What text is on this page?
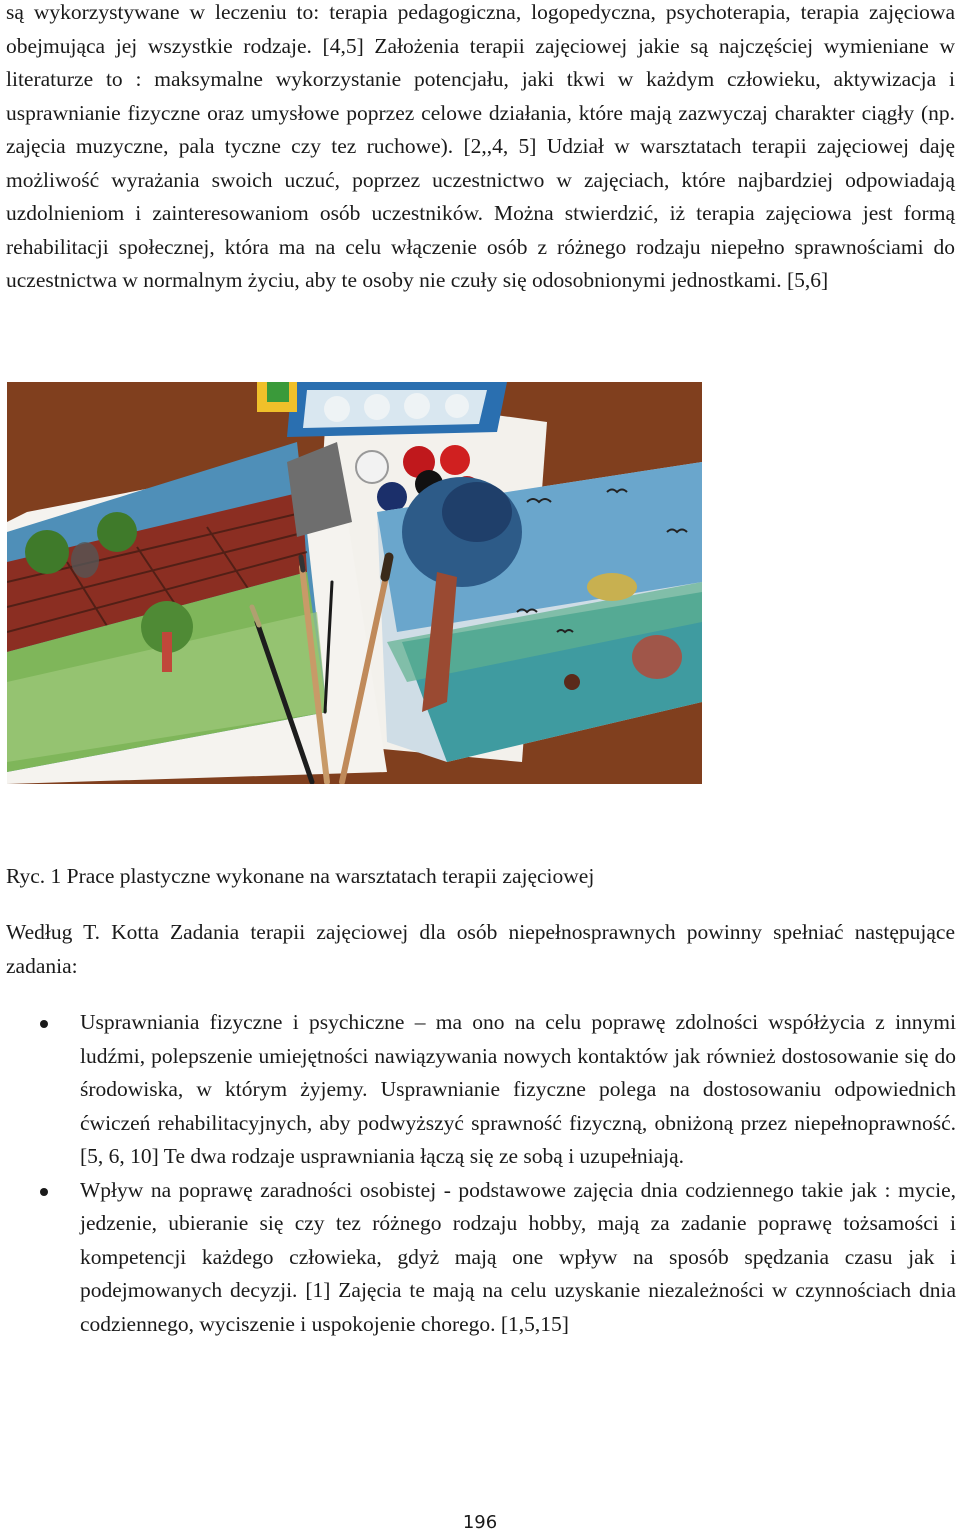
są wykorzystywane w leczeniu to: terapia pedagogiczna, logopedyczna, psychoterapia, terapia zajęciowa obejmująca jej wszystkie rodzaje. [4,5] Założenia terapii zajęciowej jakie są najczęściej wymieniane w literaturze to : maksymalne wykorzystanie potencjału, jaki tkwi w każdym człowieku, aktywizacja i usprawnianie fizyczne oraz umysłowe poprzez celowe działania, które mają zazwyczaj charakter ciągły (np. zajęcia muzyczne, pala tyczne czy tez ruchowe). [2,,4, 5] Udział w warsztatach terapii zajęciowej daję możliwość wyrażania swoich uczuć, poprzez uczestnictwo w zajęciach, które najbardziej odpowiadają uzdolnieniom i zainteresowaniom osób uczestników. Można stwierdzić, iż terapia zajęciowa jest formą rehabilitacji społecznej, która ma na celu włączenie osób z różnego rodzaju niepełno sprawnościami do uczestnictwa w normalnym życiu, aby te osoby nie czuły się odosobnionymi jednostkami. [5,6]

Ryc. 1 Prace plastyczne wykonane na warsztatach terapii zajęciowej

Według T. Kotta Zadania terapii zajęciowej dla osób niepełnosprawnych powinny spełniać następujące zadania:

Usprawniania fizyczne i psychiczne – ma ono na celu poprawę zdolności współżycia z innymi ludźmi, polepszenie umiejętności nawiązywania nowych kontaktów jak również dostosowanie się do środowiska, w którym żyjemy. Usprawnianie fizyczne polega na dostosowaniu odpowiednich ćwiczeń rehabilitacyjnych, aby podwyższyć sprawność fizyczną, obniżoną przez niepełnoprawność. [5, 6, 10] Te dwa rodzaje usprawniania łączą się ze sobą i uzupełniają.
Wpływ na poprawę zaradności osobistej - podstawowe zajęcia dnia codziennego takie jak : mycie, jedzenie, ubieranie się czy tez różnego rodzaju hobby, mają za zadanie poprawę tożsamości i kompetencji każdego człowieka, gdyż mają one wpływ na sposób spędzania czasu jak i podejmowanych decyzji. [1] Zajęcia te mają na celu uzyskanie niezależności w czynnościach dnia codziennego, wyciszenie i uspokojenie chorego. [1,5,15]
196
